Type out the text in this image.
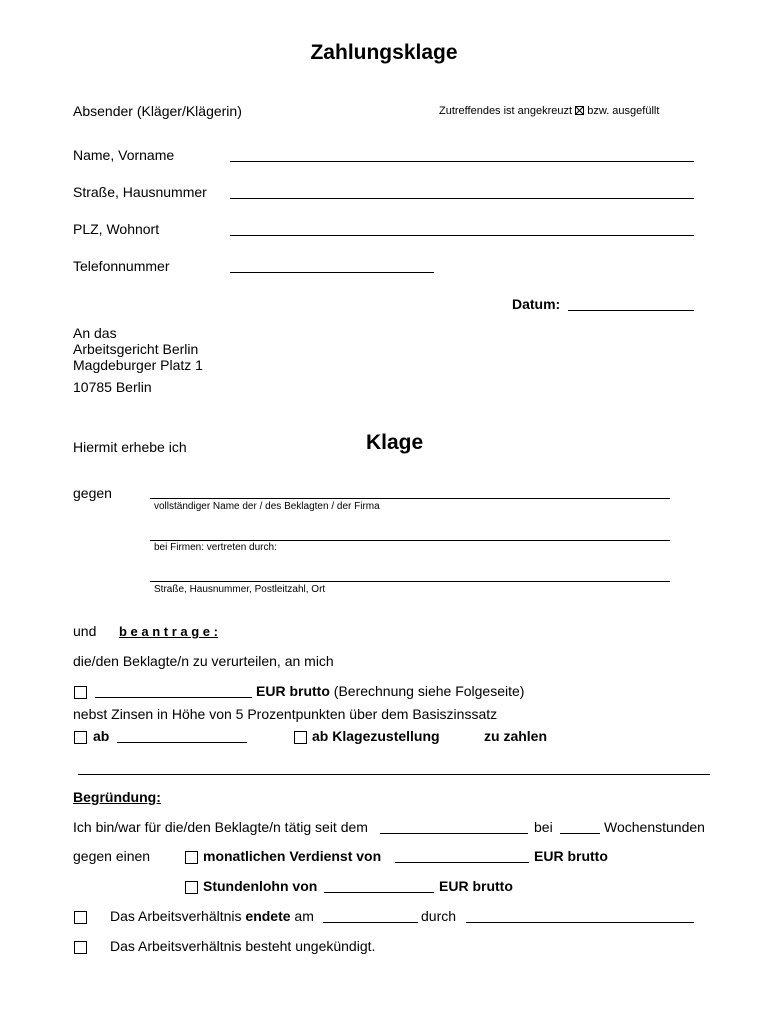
Zahlungsklage
Absender (Kläger/Klägerin)	Zutreffendes ist angekreuzt bzw. ausgefüllt
Name, Vorname
Straße, Hausnummer
PLZ, Wohnort
Telefonnummer
Datum:
An das
Arbeitsgericht Berlin
Magdeburger Platz 1
10785 Berlin
Hiermit erhebe ich	Klage
gegen
vollständiger Name der / des Beklagten / der Firma
bei Firmen: vertreten durch:
Straße, Hausnummer, Postleitzahl, Ort
und b e a n t r a g e :
die/den Beklagte/n zu verurteilen, an mich
EUR brutto (Berechnung siehe Folgeseite)
nebst Zinsen in Höhe von 5 Prozentpunkten über dem Basiszinssatz
ab	ab Klagezustellung	zu zahlen
Begründung:
Ich bin/war für die/den Beklagte/n tätig seit dem	bei	Wochenstunden
gegen einen	monatlichen Verdienst von	EUR brutto
Stundenlohn von	EUR brutto
Das Arbeitsverhältnis endete am	durch
Das Arbeitsverhältnis besteht ungekündigt.
